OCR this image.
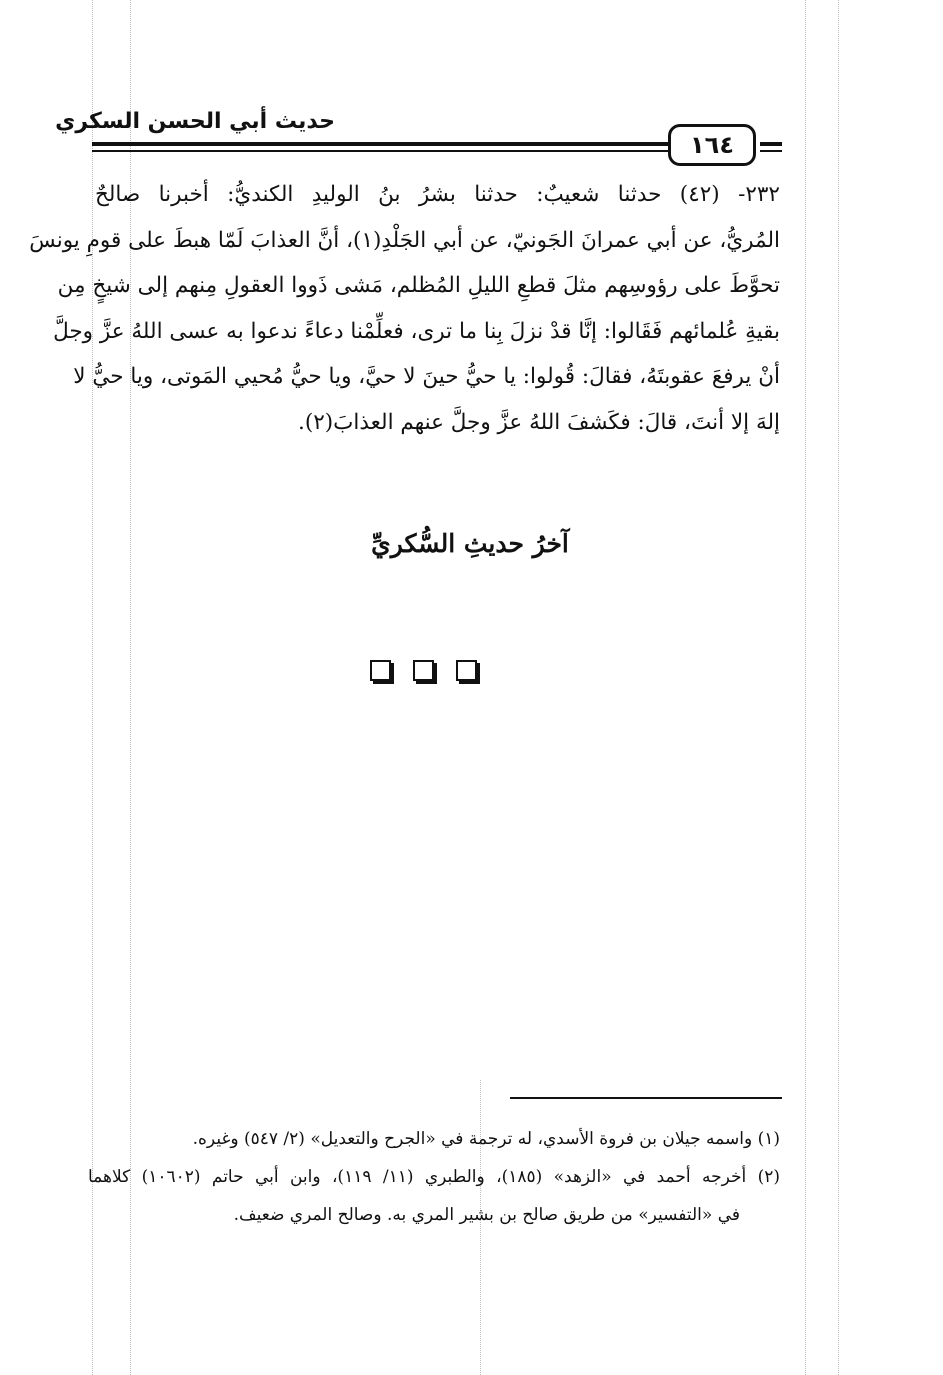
حديث أبي الحسن السكري
١٦٤
٢٣٢- (٤٢) حدثنا شعيبٌ: حدثنا بشرُ بنُ الوليدِ الكنديُّ: أخبرنا صالحٌ
المُريُّ، عن أبي عمرانَ الجَونيّ، عن أبي الجَلْدِ(١)، أنَّ العذابَ لَمّا هبطَ على قومِ يونسَ
تحوَّطَ على رؤوسِهم مثلَ قطعِ الليلِ المُظلم، مَشى ذَووا العقولِ مِنهم إلى شيخٍ مِن
بقيةِ عُلمائهم فَقَالوا: إنَّا قدْ نزلَ بِنا ما ترى، فعلِّمْنا دعاءً ندعوا به عسى اللهُ عزَّ وجلَّ
أنْ يرفعَ عقوبتَهُ، فقالَ: قُولوا: يا حيُّ حينَ لا حيَّ، ويا حيُّ مُحيي المَوتى، ويا حيُّ لا
إلهَ إلا أنتَ، قالَ: فكَشفَ اللهُ عزَّ وجلَّ عنهم العذابَ(٢).
آخرُ حديثِ السُّكريِّ
(١) واسمه جيلان بن فروة الأسدي، له ترجمة في «الجرح والتعديل» (٢/ ٥٤٧) وغيره.
(٢) أخرجه أحمد في «الزهد» (١٨٥)، والطبري (١١/ ١١٩)، وابن أبي حاتم (١٠٦٠٢) كلاهما
في «التفسير» من طريق صالح بن بشير المري به. وصالح المري ضعيف.
